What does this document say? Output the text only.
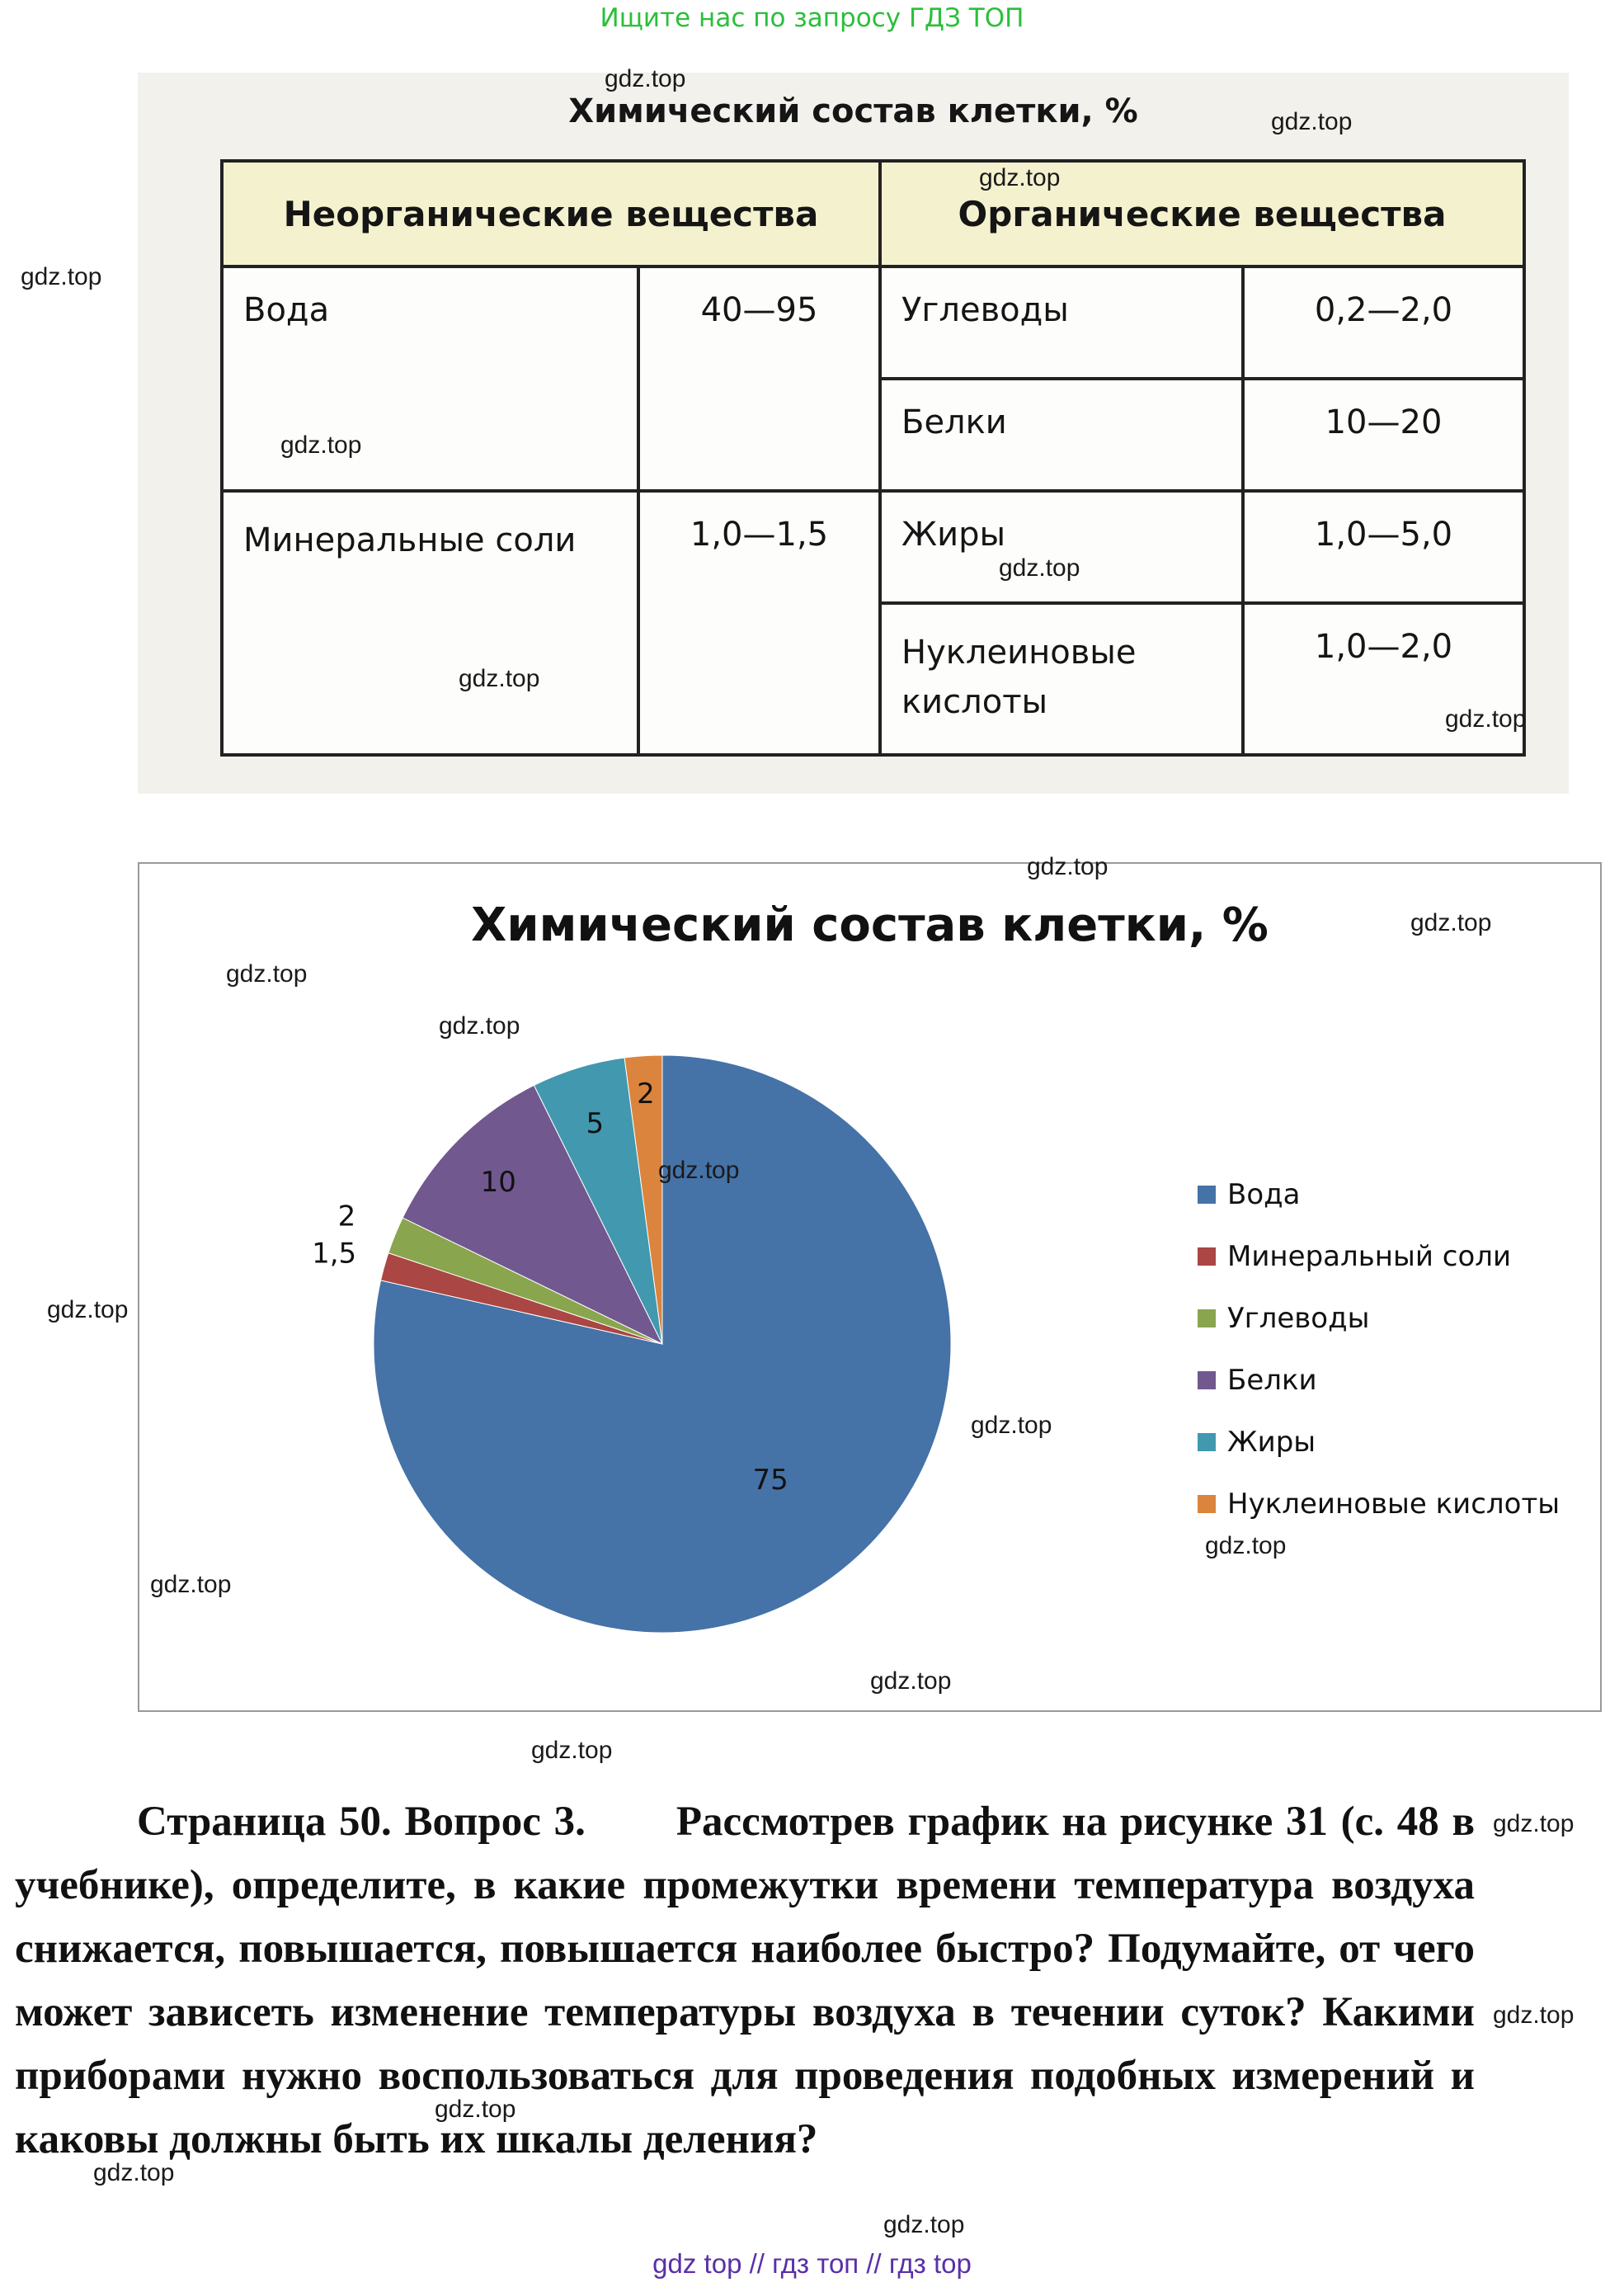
Ищите нас по запросу ГДЗ ТОП
Химический состав клетки, %
Неорганические вещества		Органические вещества	
Вода	40—95	Углеводы	0,2—2,0
		Белки	10—20
Минеральные соли	1,0—1,5	Жиры	1,0—5,0
		Нуклеиновые кислоты	1,0—2,0
Химический состав клетки, %
75
1,5
2
10
5
2
Вода
Минеральный соли
Углеводы
Белки
Жиры
Нуклеиновые кислоты
Страница 50. Вопрос 3. Рассмотрев график на рисунке 31 (с. 48 в учебнике), определите, в какие промежутки времени температура воздуха снижается, повышается, повышается наиболее быстро? Подумайте, от чего может зависеть изменение температуры воздуха в течении суток? Какими приборами нужно воспользоваться для проведения подобных измерений и каковы должны быть их шкалы деления?
gdz.top
gdz.top
gdz.top
gdz.top
gdz.top
gdz.top
gdz.top
gdz.top
gdz.top
gdz.top
gdz.top
gdz.top
gdz.top
gdz.top
gdz.top
gdz.top
gdz.top
gdz.top
gdz.top
gdz.top
gdz.top
gdz.top
gdz.top
gdz.top
gdz top // гдз топ // гдз top
